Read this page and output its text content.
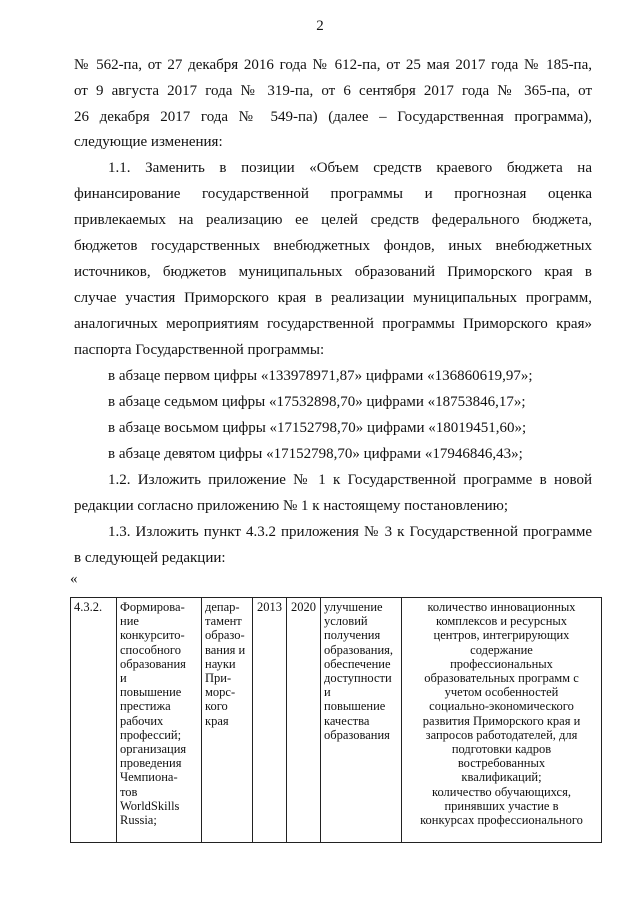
2
№ 562-па, от 27 декабря 2016 года № 612-па, от 25 мая 2017 года № 185-па,
от 9 августа 2017 года № 319-па, от 6 сентября 2017 года № 365-па, от
26 декабря 2017 года № 549-па) (далее – Государственная программа),
следующие изменения:
1.1. Заменить в позиции «Объем средств краевого бюджета на
финансирование государственной программы и прогнозная оценка
привлекаемых на реализацию ее целей средств федерального бюджета,
бюджетов государственных внебюджетных фондов, иных внебюджетных
источников, бюджетов муниципальных образований Приморского края в
случае участия Приморского края в реализации муниципальных программ,
аналогичных мероприятиям государственной программы Приморского края»
паспорта Государственной программы:
в абзаце первом цифры «133978971,87» цифрами «136860619,97»;
в абзаце седьмом цифры «17532898,70» цифрами «18753846,17»;
в абзаце восьмом цифры «17152798,70» цифрами «18019451,60»;
в абзаце девятом цифры «17152798,70» цифрами «17946846,43»;
1.2. Изложить приложение № 1 к Государственной программе в новой
редакции согласно приложению № 1 к настоящему постановлению;
1.3. Изложить пункт 4.3.2 приложения № 3 к Государственной программе
в следующей редакции:
«
4.3.2.	Формирова-
ние
конкурсито-
способного
образования
и
повышение
престижа
рабочих
профессий;
организация
проведения
Чемпиона-
тов
WorldSkills
Russia;

депар-
тамент
образо-
вания и
науки
При-
морс-
кого
края

2013	2020	улучшение
условий
получения
образования,
обеспечение
доступности
и
повышение
качества
образования

количество инновационных
комплексов и ресурсных
центров, интегрирующих
содержание
профессиональных
образовательных программ с
учетом особенностей
социально-экономического
развития Приморского края и
запросов работодателей, для
подготовки кадров
востребованных
квалификаций;
количество обучающихся,
принявших участие в
конкурсах профессионального
